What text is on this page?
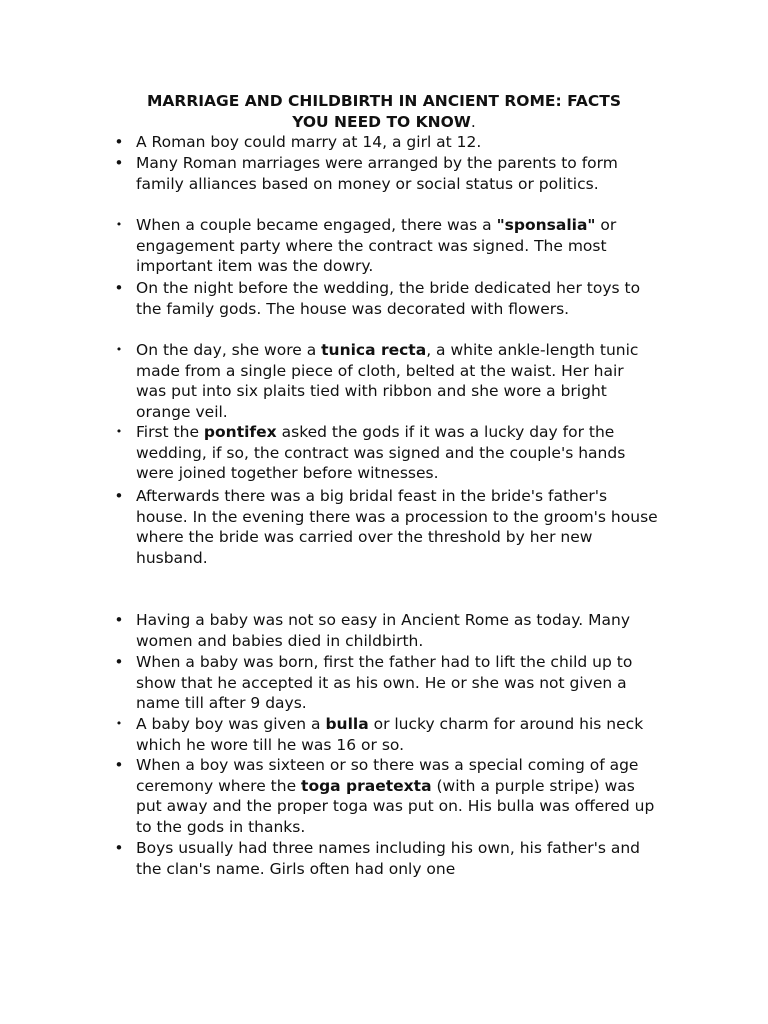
MARRIAGE AND CHILDBIRTH IN ANCIENT ROME: FACTS
YOU NEED TO KNOW.
• A Roman boy could marry at 14, a girl at 12.
• Many Roman marriages were arranged by the parents to form family alliances based on money or social status or politics.
• When a couple became engaged, there was a "sponsalia" or engagement party where the contract was signed. The most important item was the dowry.
• On the night before the wedding, the bride dedicated her toys to the family gods. The house was decorated with flowers.
• On the day, she wore a tunica recta, a white ankle-length tunic made from a single piece of cloth, belted at the waist. Her hair was put into six plaits tied with ribbon and she wore a bright orange veil.
• First the pontifex asked the gods if it was a lucky day for the wedding, if so, the contract was signed and the couple's hands were joined together before witnesses.
• Afterwards there was a big bridal feast in the bride's father's house. In the evening there was a procession to the groom's house where the bride was carried over the threshold by her new husband.
• Having a baby was not so easy in Ancient Rome as today. Many women and babies died in childbirth.
• When a baby was born, first the father had to lift the child up to show that he accepted it as his own. He or she was not given a name till after 9 days.
• A baby boy was given a bulla or lucky charm for around his neck which he wore till he was 16 or so.
• When a boy was sixteen or so there was a special coming of age ceremony where the toga praetexta (with a purple stripe) was put away and the proper toga was put on. His bulla was offered up to the gods in thanks.
• Boys usually had three names including his own, his father's and the clan's name. Girls often had only one
